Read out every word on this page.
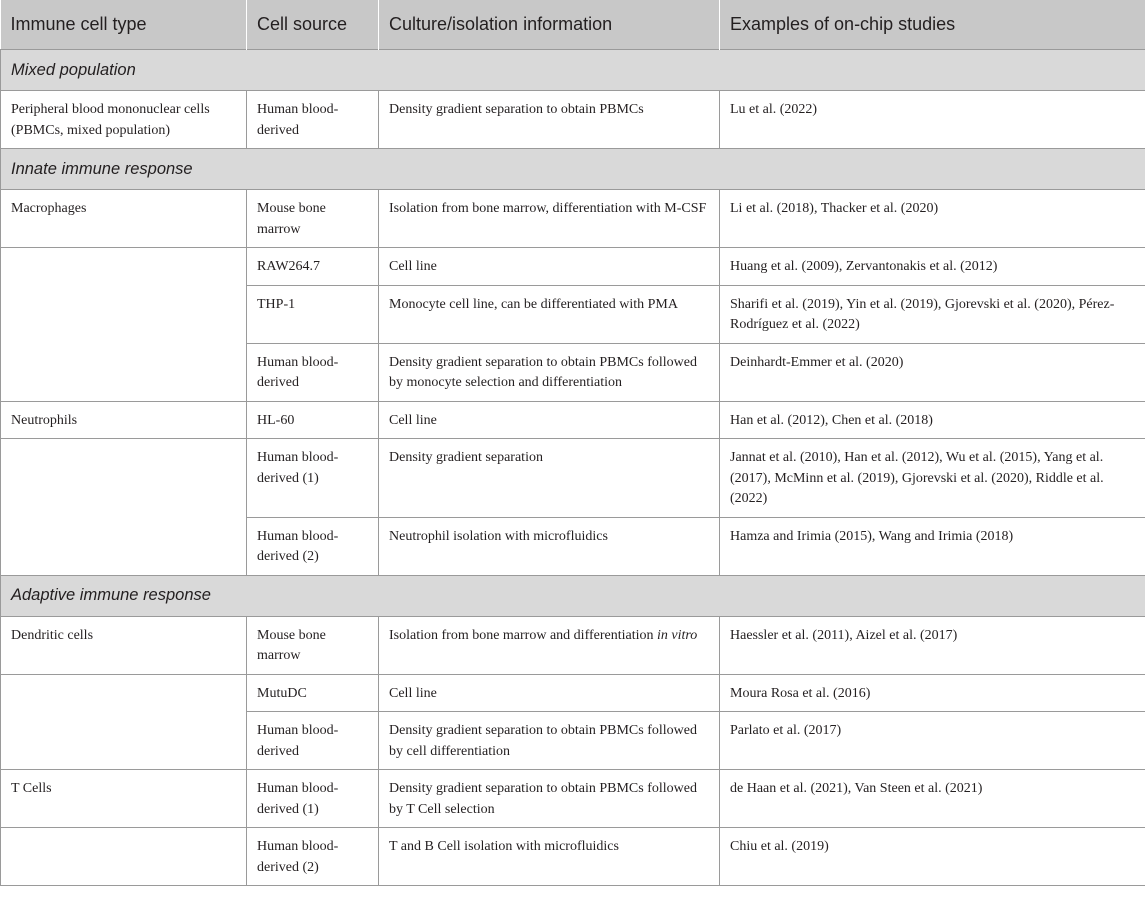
Immune cell type	Cell source	Culture/isolation information	Examples of on-chip studies
Mixed population			
Peripheral blood mononuclear cells (PBMCs, mixed population)	Human blood-derived	Density gradient separation to obtain PBMCs	Lu et al. (2022)
Innate immune response			
Macrophages	Mouse bone marrow	Isolation from bone marrow, differentiation with M-CSF	Li et al. (2018), Thacker et al. (2020)
	RAW264.7	Cell line	Huang et al. (2009), Zervantonakis et al. (2012)
	THP-1	Monocyte cell line, can be differentiated with PMA	Sharifi et al. (2019), Yin et al. (2019), Gjorevski et al. (2020), Pérez-Rodríguez et al. (2022)
	Human blood-derived	Density gradient separation to obtain PBMCs followed by monocyte selection and differentiation	Deinhardt-Emmer et al. (2020)
Neutrophils	HL-60	Cell line	Han et al. (2012), Chen et al. (2018)
	Human blood-derived (1)	Density gradient separation	Jannat et al. (2010), Han et al. (2012), Wu et al. (2015), Yang et al. (2017), McMinn et al. (2019), Gjorevski et al. (2020), Riddle et al. (2022)
	Human blood-derived (2)	Neutrophil isolation with microfluidics	Hamza and Irimia (2015), Wang and Irimia (2018)
Adaptive immune response			
Dendritic cells	Mouse bone marrow	Isolation from bone marrow and differentiation in vitro	Haessler et al. (2011), Aizel et al. (2017)
	MutuDC	Cell line	Moura Rosa et al. (2016)
	Human blood-derived	Density gradient separation to obtain PBMCs followed by cell differentiation	Parlato et al. (2017)
T Cells	Human blood-derived (1)	Density gradient separation to obtain PBMCs followed by T Cell selection	de Haan et al. (2021), Van Steen et al. (2021)
	Human blood-derived (2)	T and B Cell isolation with microfluidics	Chiu et al. (2019)
